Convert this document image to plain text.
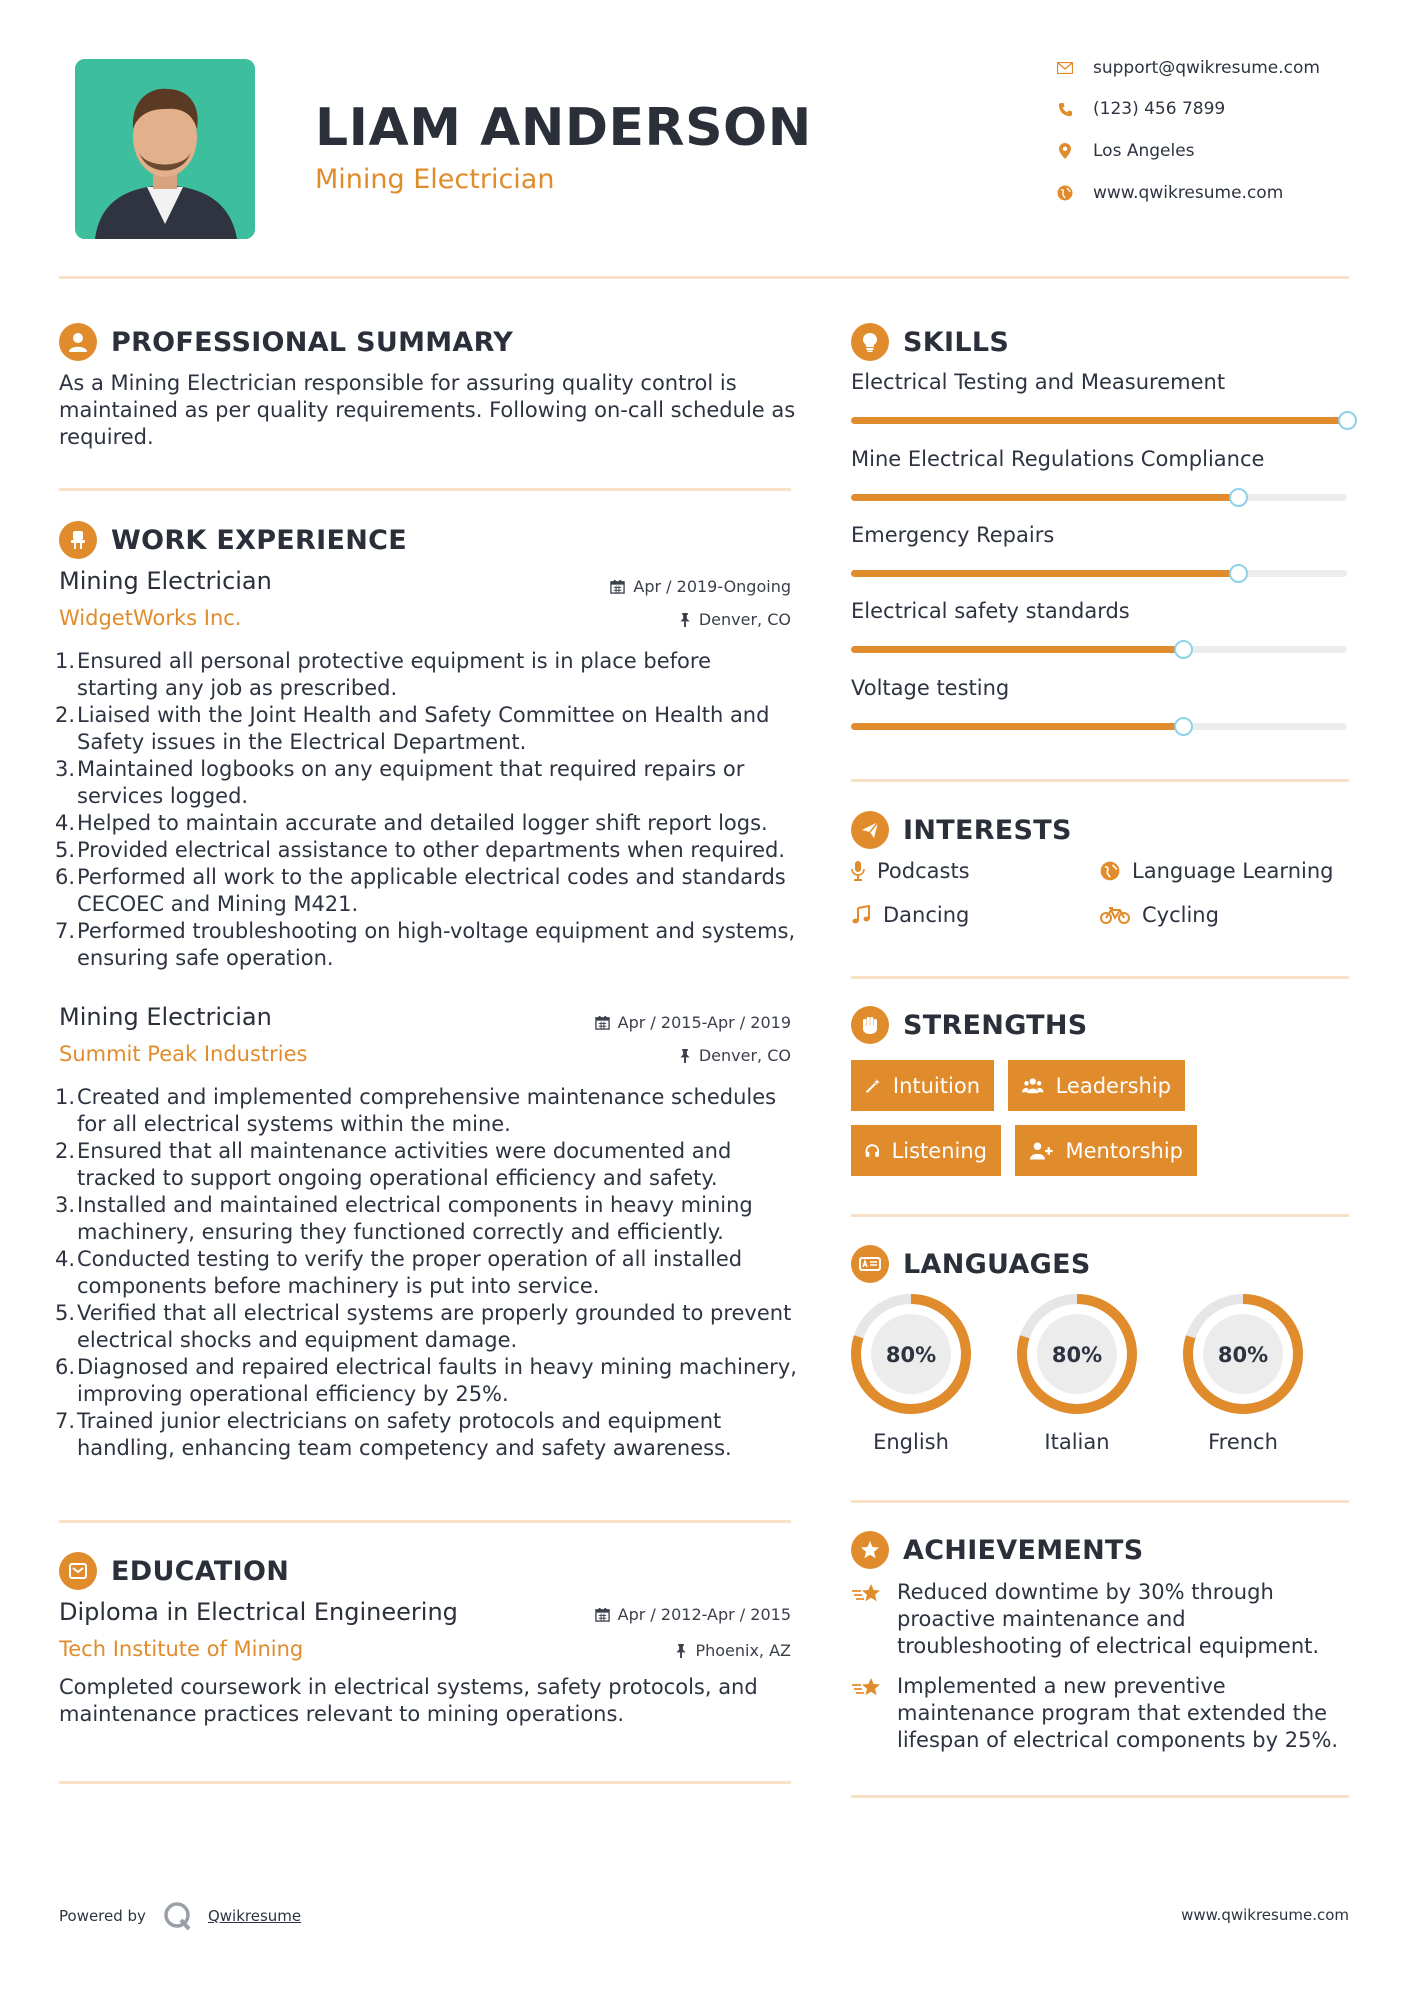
LIAM ANDERSON
Mining Electrician
support@qwikresume.com
(123) 456 7899
Los Angeles
www.qwikresume.com
PROFESSIONAL SUMMARY
As a Mining Electrician responsible for assuring quality control is maintained as per quality requirements. Following on-call schedule as required.
WORK EXPERIENCE
Mining Electrician
WidgetWorks Inc.
Apr / 2019-Ongoing
Denver, CO
1. Ensured all personal protective equipment is in place before starting any job as prescribed.
2. Liaised with the Joint Health and Safety Committee on Health and Safety issues in the Electrical Department.
3. Maintained logbooks on any equipment that required repairs or services logged.
4. Helped to maintain accurate and detailed logger shift report logs.
5. Provided electrical assistance to other departments when required.
6. Performed all work to the applicable electrical codes and standards CECOEC and Mining M421.
7. Performed troubleshooting on high-voltage equipment and systems, ensuring safe operation.
Mining Electrician
Summit Peak Industries
Apr / 2015-Apr / 2019
Denver, CO
1. Created and implemented comprehensive maintenance schedules for all electrical systems within the mine.
2. Ensured that all maintenance activities were documented and tracked to support ongoing operational efficiency and safety.
3. Installed and maintained electrical components in heavy mining machinery, ensuring they functioned correctly and efficiently.
4. Conducted testing to verify the proper operation of all installed components before machinery is put into service.
5. Verified that all electrical systems are properly grounded to prevent electrical shocks and equipment damage.
6. Diagnosed and repaired electrical faults in heavy mining machinery, improving operational efficiency by 25%.
7. Trained junior electricians on safety protocols and equipment handling, enhancing team competency and safety awareness.
EDUCATION
Diploma in Electrical Engineering
Tech Institute of Mining
Apr / 2012-Apr / 2015
Phoenix, AZ
Completed coursework in electrical systems, safety protocols, and maintenance practices relevant to mining operations.
SKILLS
Electrical Testing and Measurement
Mine Electrical Regulations Compliance
Emergency Repairs
Electrical safety standards
Voltage testing
INTERESTS
Podcasts	Language Learning
Dancing	Cycling
STRENGTHS
Intuition	Leadership
Listening	Mentorship
LANGUAGES
80%
English
80%
Italian
80%
French
ACHIEVEMENTS
Reduced downtime by 30% through proactive maintenance and troubleshooting of electrical equipment.
Implemented a new preventive maintenance program that extended the lifespan of electrical components by 25%.
Powered by	Qwikresume	www.qwikresume.com
